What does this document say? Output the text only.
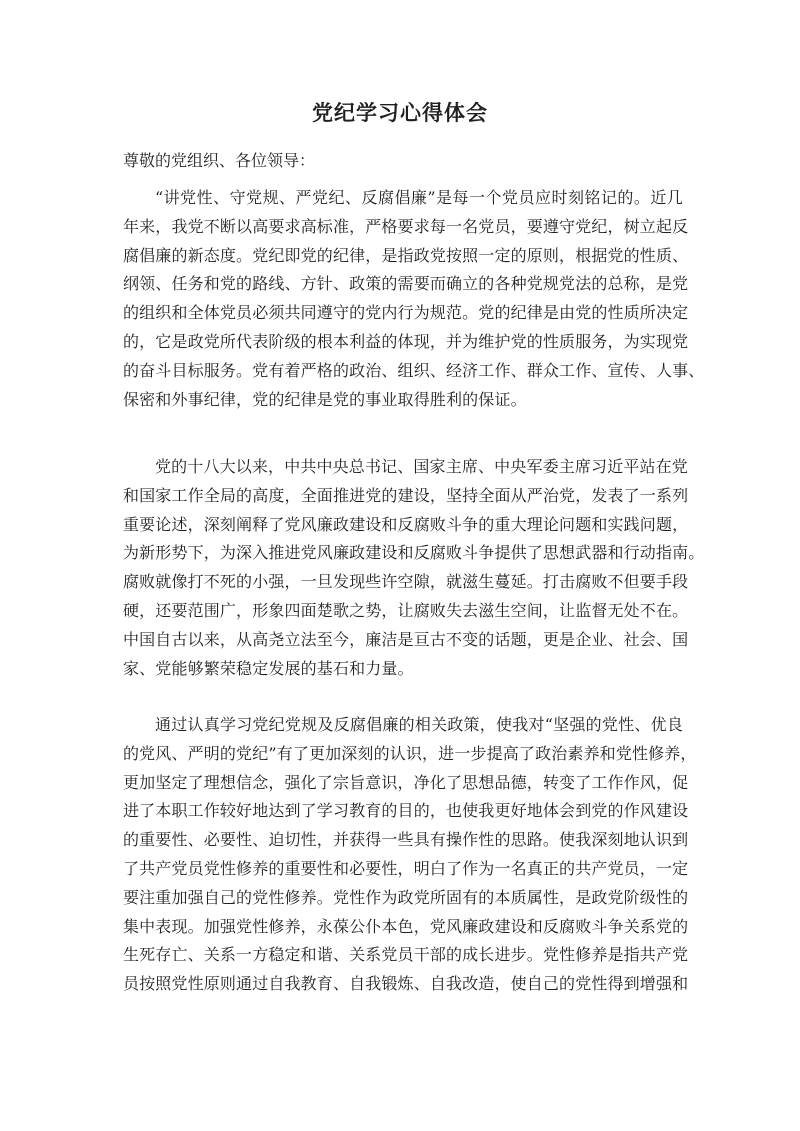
党纪学习心得体会

尊敬的党组织、各位领导：

“讲党性、守党规、严党纪、反腐倡廉”是每一个党员应时刻铭记的。近几
年来，我党不断以高要求高标准，严格要求每一名党员，要遵守党纪，树立起反
腐倡廉的新态度。党纪即党的纪律，是指政党按照一定的原则，根据党的性质、
纲领、任务和党的路线、方针、政策的需要而确立的各种党规党法的总称，是党
的组织和全体党员必须共同遵守的党内行为规范。党的纪律是由党的性质所决定
的，它是政党所代表阶级的根本利益的体现，并为维护党的性质服务，为实现党
的奋斗目标服务。党有着严格的政治、组织、经济工作、群众工作、宣传、人事、
保密和外事纪律，党的纪律是党的事业取得胜利的保证。
党的十八大以来，中共中央总书记、国家主席、中央军委主席习近平站在党
和国家工作全局的高度，全面推进党的建设，坚持全面从严治党，发表了一系列
重要论述，深刻阐释了党风廉政建设和反腐败斗争的重大理论问题和实践问题，
为新形势下，为深入推进党风廉政建设和反腐败斗争提供了思想武器和行动指南。
腐败就像打不死的小强，一旦发现些许空隙，就滋生蔓延。打击腐败不但要手段
硬，还要范围广，形象四面楚歌之势，让腐败失去滋生空间，让监督无处不在。
中国自古以来，从高尧立法至今，廉洁是亘古不变的话题，更是企业、社会、国
家、党能够繁荣稳定发展的基石和力量。
通过认真学习党纪党规及反腐倡廉的相关政策，使我对“坚强的党性、优良
的党风、严明的党纪”有了更加深刻的认识，进一步提高了政治素养和党性修养，
更加坚定了理想信念，强化了宗旨意识，净化了思想品德，转变了工作作风，促
进了本职工作较好地达到了学习教育的目的，也使我更好地体会到党的作风建设
的重要性、必要性、迫切性，并获得一些具有操作性的思路。使我深刻地认识到
了共产党员党性修养的重要性和必要性，明白了作为一名真正的共产党员，一定
要注重加强自己的党性修养。党性作为政党所固有的本质属性，是政党阶级性的
集中表现。加强党性修养，永葆公仆本色，党风廉政建设和反腐败斗争关系党的
生死存亡、关系一方稳定和谐、关系党员干部的成长进步。党性修养是指共产党
员按照党性原则通过自我教育、自我锻炼、自我改造，使自己的党性得到增强和
